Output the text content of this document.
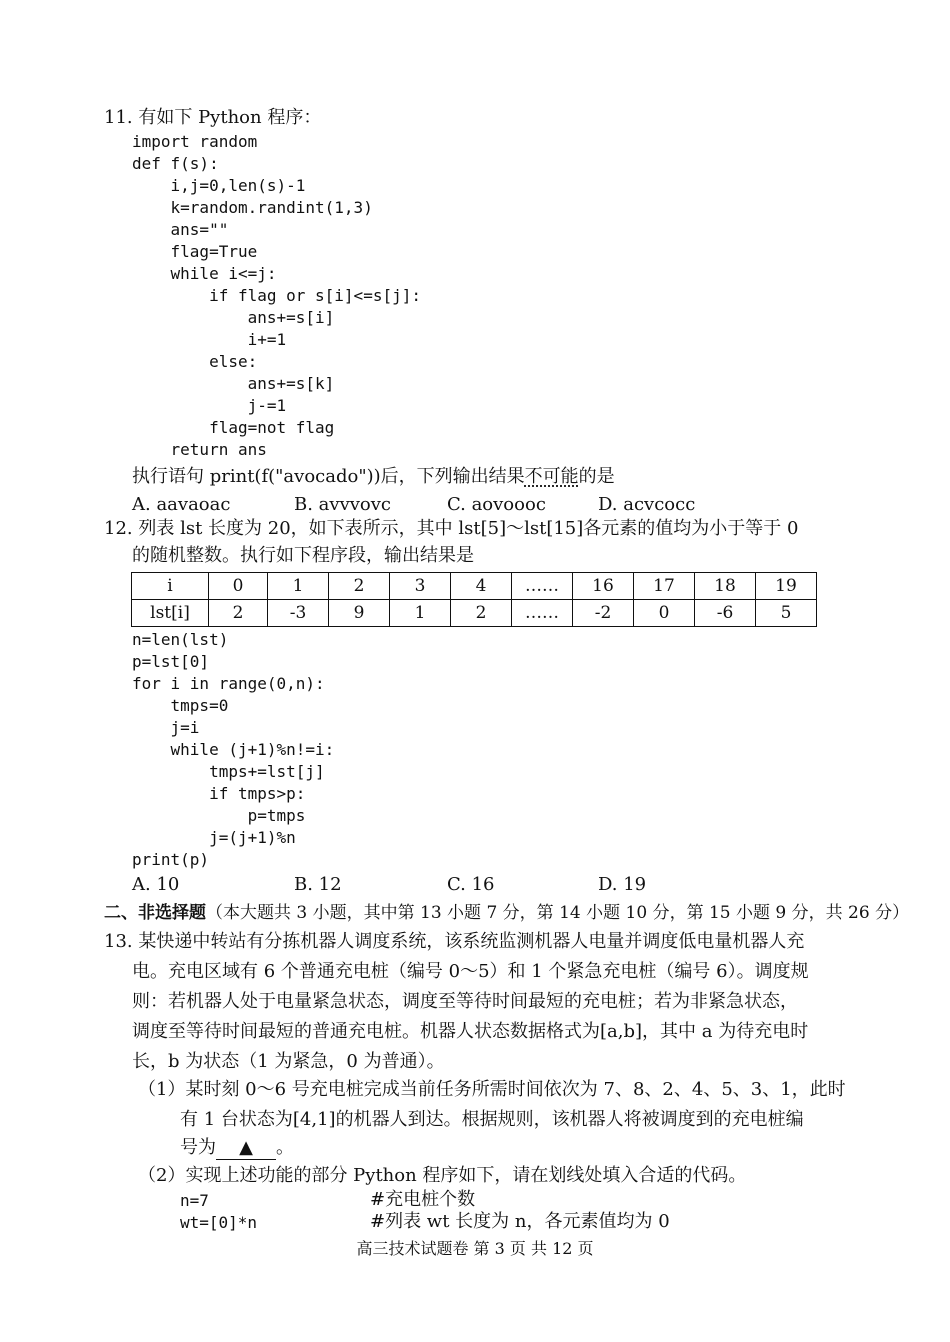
11. 有如下 Python 程序：
import random
def f(s):
i,j=0,len(s)-1
k=random.randint(1,3)
ans=""
flag=True
while i<=j:
if flag or s[i]<=s[j]:
ans+=s[i]
i+=1
else:
ans+=s[k]
j-=1
flag=not flag
return ans
执行语句 print(f("avocado"))后，下列输出结果不可能的是
A. aavaoac	B. avvvovc	C. aovoooc	D. acvcocc
12. 列表 lst 长度为 20，如下表所示，其中 lst[5]～lst[15]各元素的值均为小于等于 0
的随机整数。执行如下程序段，输出结果是
i	0	1	2	3	4	……	16	17	18	19
lst[i]	2	-3	9	1	2	……	-2	0	-6	5
n=len(lst)
p=lst[0]
for i in range(0,n):
tmps=0
j=i
while (j+1)%n!=i:
tmps+=lst[j]
if tmps>p:
p=tmps
j=(j+1)%n
print(p)
A. 10	B. 12	C. 16	D. 19
二、非选择题（本大题共 3 小题，其中第 13 小题 7 分，第 14 小题 10 分，第 15 小题 9 分，共 26 分）
13. 某快递中转站有分拣机器人调度系统，该系统监测机器人电量并调度低电量机器人充
电。充电区域有 6 个普通充电桩（编号 0～5）和 1 个紧急充电桩（编号 6）。调度规
则：若机器人处于电量紧急状态，调度至等待时间最短的充电桩；若为非紧急状态，
调度至等待时间最短的普通充电桩。机器人状态数据格式为[a,b]，其中 a 为待充电时
长，b 为状态（1 为紧急，0 为普通）。
（1）某时刻 0～6 号充电桩完成当前任务所需时间依次为 7、8、2、4、5、3、1，此时
有 1 台状态为[4,1]的机器人到达。根据规则，该机器人将被调度到的充电桩编
号为 ▲ 。
（2）实现上述功能的部分 Python 程序如下，请在划线处填入合适的代码。
n=7	#充电桩个数
wt=[0]*n	#列表 wt 长度为 n，各元素值均为 0
高三技术试题卷 第 3 页 共 12 页
